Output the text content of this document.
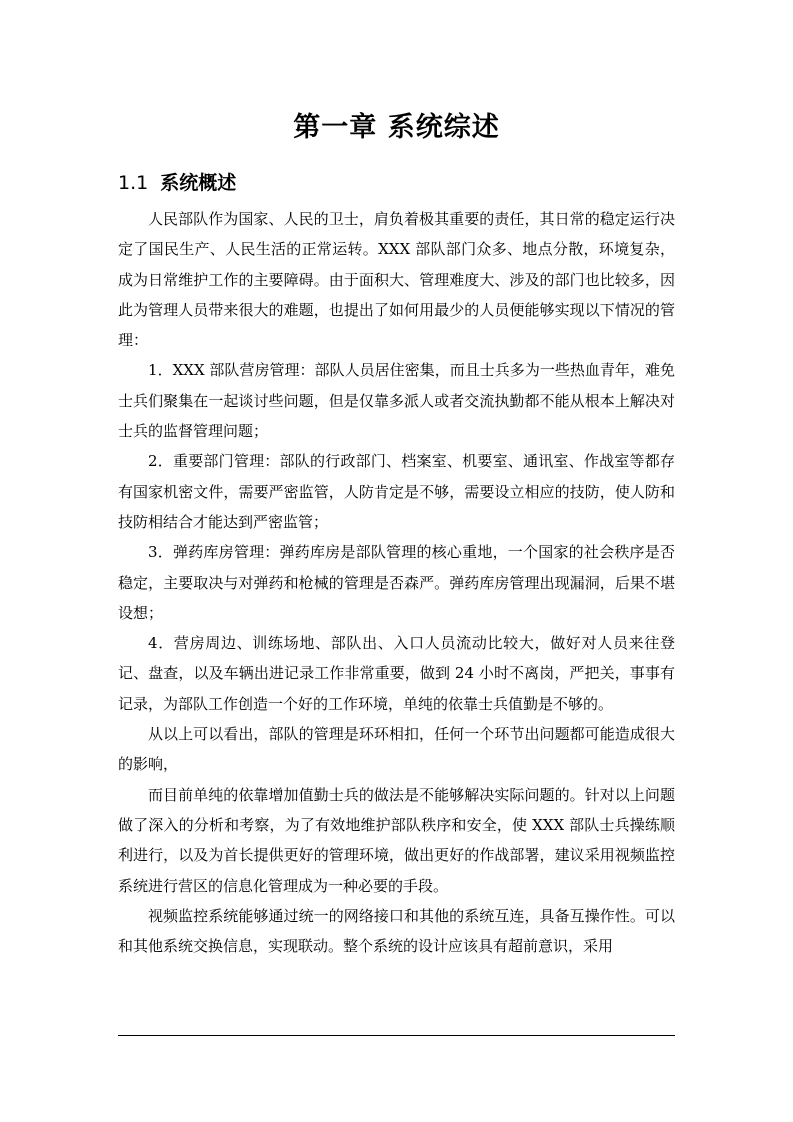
第一章 系统综述
1.1 系统概述

人民部队作为国家、人民的卫士，肩负着极其重要的责任，其日常的稳定运行决定了国民生产、人民生活的正常运转。XXX 部队部门众多、地点分散，环境复杂，成为日常维护工作的主要障碍。由于面积大、管理难度大、涉及的部门也比较多，因此为管理人员带来很大的难题，也提出了如何用最少的人员便能够实现以下情况的管理：

1．XXX 部队营房管理：部队人员居住密集，而且士兵多为一些热血青年，难免士兵们聚集在一起谈讨些问题，但是仅靠多派人或者交流执勤都不能从根本上解决对士兵的监督管理问题；

2．重要部门管理：部队的行政部门、档案室、机要室、通讯室、作战室等都存有国家机密文件，需要严密监管，人防肯定是不够，需要设立相应的技防，使人防和技防相结合才能达到严密监管；

3．弹药库房管理：弹药库房是部队管理的核心重地，一个国家的社会秩序是否稳定，主要取决与对弹药和枪械的管理是否森严。弹药库房管理出现漏洞，后果不堪设想；

4．营房周边、训练场地、部队出、入口人员流动比较大，做好对人员来往登记、盘查，以及车辆出进记录工作非常重要，做到 24 小时不离岗，严把关，事事有记录，为部队工作创造一个好的工作环境，单纯的依靠士兵值勤是不够的。

从以上可以看出，部队的管理是环环相扣，任何一个环节出问题都可能造成很大的影响，

而目前单纯的依靠增加值勤士兵的做法是不能够解决实际问题的。针对以上问题做了深入的分析和考察，为了有效地维护部队秩序和安全，使 XXX 部队士兵操练顺利进行，以及为首长提供更好的管理环境，做出更好的作战部署，建议采用视频监控系统进行营区的信息化管理成为一种必要的手段。

视频监控系统能够通过统一的网络接口和其他的系统互连，具备互操作性。可以和其他系统交换信息，实现联动。整个系统的设计应该具有超前意识，采用
